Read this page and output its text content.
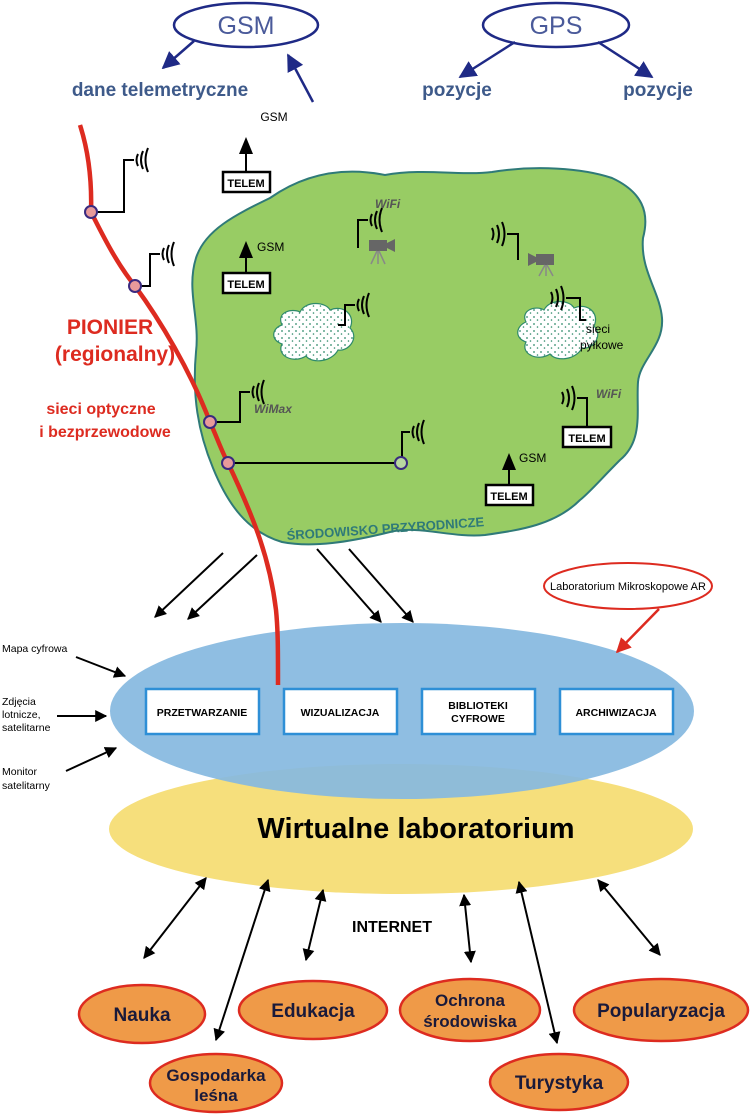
GSM	GPS
dane telemetryczne	pozycje	pozycje
GSM
TELEM
ŚRODOWISKO PRZYRODNICZE
TELEM
GSM
WiFi
sieci
pyłkowe
WiMax
WiFi
TELEM
TELEM
GSM
PIONIER
(regionalny)
sieci optyczne
i bezprzewodowe
Laboratorium Mikroskopowe AR
Mapa cyfrowa
Zdjęcia
lotnicze,
satelitarne
Monitor
satelitarny
PRZETWARZANIE	WIZUALIZACJA
BIBLIOTEKI
CYFROWE	ARCHIWIZACJA
Wirtualne laboratorium
INTERNET
Nauka	Edukacja
Ochrona
środowiska	Popularyzacja
Gospodarka
leśna
Turystyka
